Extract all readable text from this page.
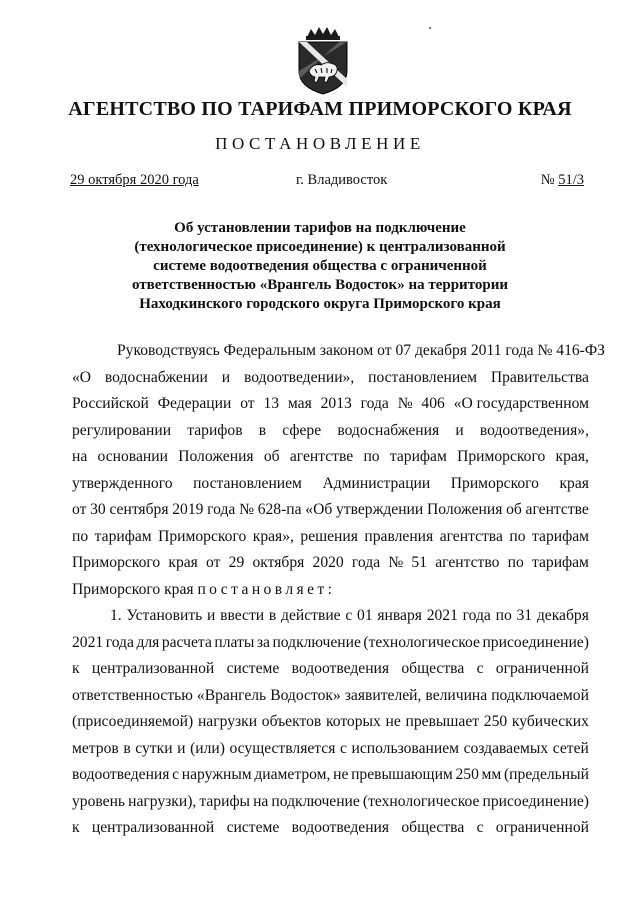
АГЕНТСТВО ПО ТАРИФАМ ПРИМОРСКОГО КРАЯ
ПОСТАНОВЛЕНИЕ
29 октября 2020 года	г. Владивосток	№ 51/3
Об установлении тарифов на подключение
(технологическое присоединение) к централизованной
системе водоотведения общества с ограниченной
ответственностью «Врангель Водосток» на территории
Находкинского городского округа Приморского края
Руководствуясь Федеральным законом от 07 декабря 2011 года № 416-ФЗ
«О водоснабжении и водоотведении», постановлением Правительства
Российской Федерации от 13 мая 2013 года № 406 «О государственном
регулировании тарифов в сфере водоснабжения и водоотведения»,
на основании Положения об агентстве по тарифам Приморского края,
утвержденного постановлением Администрации Приморского края
от 30 сентября 2019 года № 628-па «Об утверждении Положения об агентстве
по тарифам Приморского края», решения правления агентства по тарифам
Приморского края от 29 октября 2020 года № 51 агентство по тарифам
Приморского края постановляет:
1. Установить и ввести в действие с 01 января 2021 года по 31 декабря
2021 года для расчета платы за подключение (технологическое присоединение)
к централизованной системе водоотведения общества с ограниченной
ответственностью «Врангель Водосток» заявителей, величина подключаемой
(присоединяемой) нагрузки объектов которых не превышает 250 кубических
метров в сутки и (или) осуществляется с использованием создаваемых сетей
водоотведения с наружным диаметром, не превышающим 250 мм (предельный
уровень нагрузки), тарифы на подключение (технологическое присоединение)
к централизованной системе водоотведения общества с ограниченной
